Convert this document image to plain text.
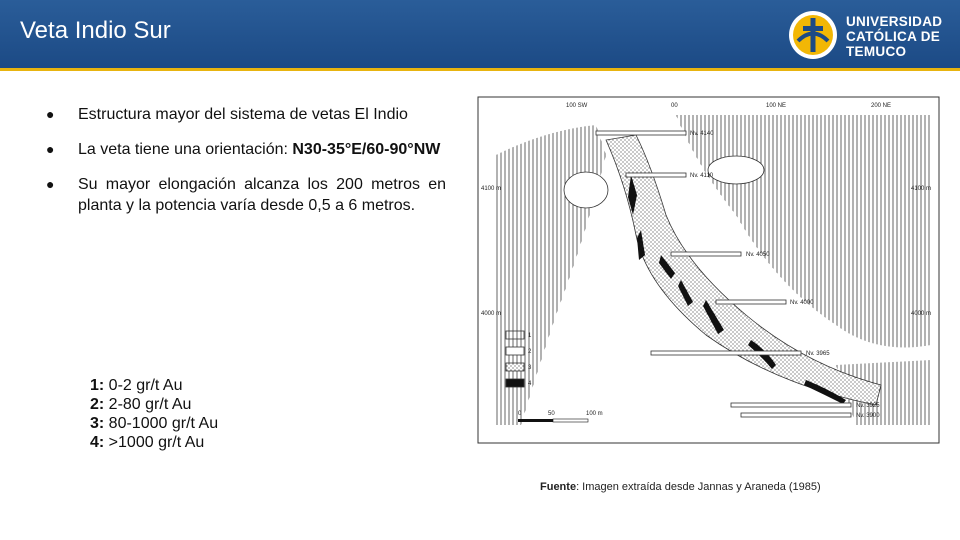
Veta Indio Sur	UNIVERSIDAD
CATÓLICA DE
TEMUCO
● Estructura mayor del sistema de vetas El Indio
● La veta tiene una orientación: N30-35°E/60-90°NW
● Su mayor elongación alcanza los 200 metros en planta y la potencia varía desde 0,5 a 6 metros.
1: 0-2 gr/t Au
2: 2-80 gr/t Au
3: 80-1000 gr/t Au
4: >1000 gr/t Au
100 SW	00	100 NE	200 NE
Nv. 4140
Nv. 4110
Nv. 4050
Nv. 4000
Nv. 3965
Nv. 3925
Nv. 3900
4100 m
4000 m
4100 m
4000 m
1
2
3
4
0	50	100 m
Fuente: Imagen extraída desde Jannas y Araneda (1985)
